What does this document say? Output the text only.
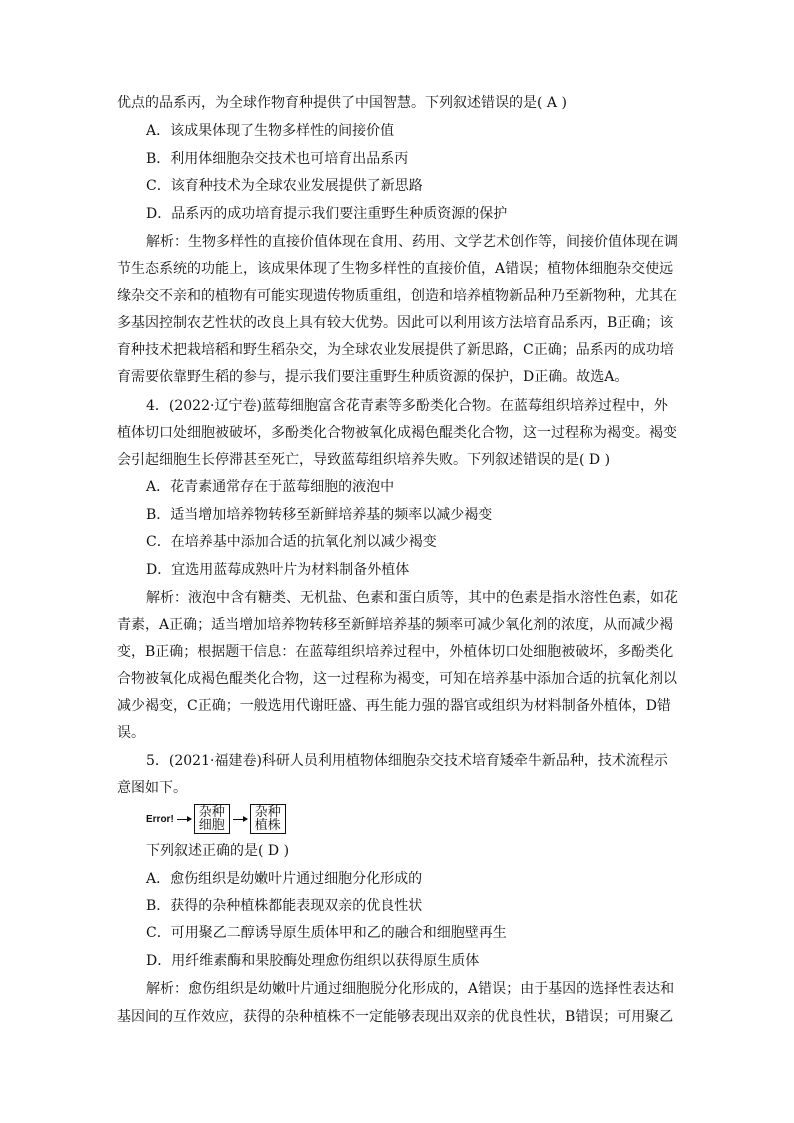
优点的品系丙，为全球作物育种提供了中国智慧。下列叙述错误的是( A )

A．该成果体现了生物多样性的间接价值

B．利用体细胞杂交技术也可培育出品系丙

C．该育种技术为全球农业发展提供了新思路

D．品系丙的成功培育提示我们要注重野生种质资源的保护

解析：生物多样性的直接价值体现在食用、药用、文学艺术创作等，间接价值体现在调

节生态系统的功能上，该成果体现了生物多样性的直接价值，A错误；植物体细胞杂交使远

缘杂交不亲和的植物有可能实现遗传物质重组，创造和培养植物新品种乃至新物种，尤其在

多基因控制农艺性状的改良上具有较大优势。因此可以利用该方法培育品系丙，B正确；该

育种技术把栽培稻和野生稻杂交，为全球农业发展提供了新思路，C正确；品系丙的成功培

育需要依靠野生稻的参与，提示我们要注重野生种质资源的保护，D正确。故选A。

4．(2022·辽宁卷)蓝莓细胞富含花青素等多酚类化合物。在蓝莓组织培养过程中，外

植体切口处细胞被破坏，多酚类化合物被氧化成褐色醌类化合物，这一过程称为褐变。褐变

会引起细胞生长停滞甚至死亡，导致蓝莓组织培养失败。下列叙述错误的是( D )

A．花青素通常存在于蓝莓细胞的液泡中

B．适当增加培养物转移至新鲜培养基的频率以减少褐变

C．在培养基中添加合适的抗氧化剂以减少褐变

D．宜选用蓝莓成熟叶片为材料制备外植体

解析：液泡中含有糖类、无机盐、色素和蛋白质等，其中的色素是指水溶性色素，如花

青素，A正确；适当增加培养物转移至新鲜培养基的频率可减少氧化剂的浓度，从而减少褐

变，B正确；根据题干信息：在蓝莓组织培养过程中，外植体切口处细胞被破坏，多酚类化

合物被氧化成褐色醌类化合物，这一过程称为褐变，可知在培养基中添加合适的抗氧化剂以

减少褐变，C正确；一般选用代谢旺盛、再生能力强的器官或组织为材料制备外植体，D错

误。

5．(2021·福建卷)科研人员利用植物体细胞杂交技术培育矮牵牛新品种，技术流程示

意图如下。

Error! 杂种
细胞
杂种
植株

下列叙述正确的是( D )

A．愈伤组织是幼嫩叶片通过细胞分化形成的

B．获得的杂种植株都能表现双亲的优良性状

C．可用聚乙二醇诱导原生质体甲和乙的融合和细胞壁再生

D．用纤维素酶和果胶酶处理愈伤组织以获得原生质体

解析：愈伤组织是幼嫩叶片通过细胞脱分化形成的，A错误；由于基因的选择性表达和

基因间的互作效应，获得的杂种植株不一定能够表现出双亲的优良性状，B错误；可用聚乙
